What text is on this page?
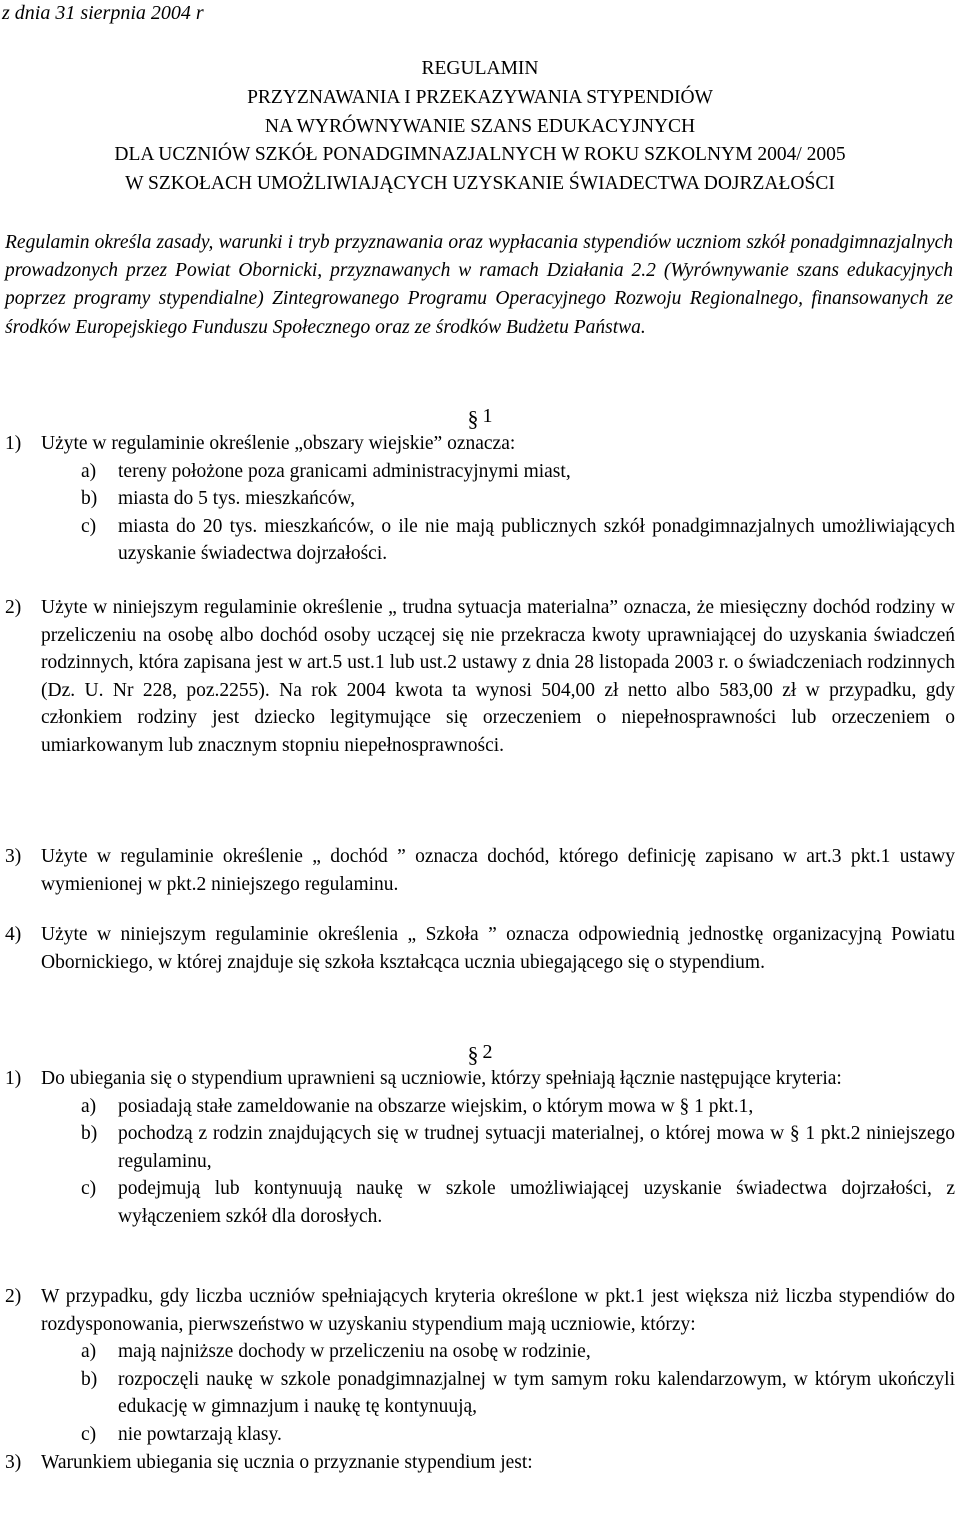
z dnia 31 sierpnia 2004 r
REGULAMIN
PRZYZNAWANIA I PRZEKAZYWANIA STYPENDIÓW
NA WYRÓWNYWANIE SZANS EDUKACYJNYCH
DLA UCZNIÓW SZKÓŁ PONADGIMNAZJALNYCH W ROKU SZKOLNYM 2004/ 2005
W SZKOŁACH UMOŻLIWIAJĄCYCH UZYSKANIE ŚWIADECTWA DOJRZAŁOŚCI
Regulamin określa zasady, warunki i tryb przyznawania oraz wypłacania stypendiów uczniom szkół ponadgimnazjalnych prowadzonych przez Powiat Obornicki, przyznawanych w ramach Działania 2.2 (Wyrównywanie szans edukacyjnych poprzez programy stypendialne) Zintegrowanego Programu Operacyjnego Rozwoju Regionalnego, finansowanych ze środków Europejskiego Funduszu Społecznego oraz ze środków Budżetu Państwa.
§ 1
1) Użyte w regulaminie określenie „obszary wiejskie” oznacza:
a) tereny położone poza granicami administracyjnymi miast,
b) miasta do 5 tys. mieszkańców,
c) miasta do 20 tys. mieszkańców, o ile nie mają publicznych szkół ponadgimnazjalnych umożliwiających uzyskanie świadectwa dojrzałości.
2) Użyte w niniejszym regulaminie określenie „ trudna sytuacja materialna” oznacza, że miesięczny dochód rodziny w przeliczeniu na osobę albo dochód osoby uczącej się nie przekracza kwoty uprawniającej do uzyskania świadczeń rodzinnych, która zapisana jest w art.5 ust.1 lub ust.2 ustawy z dnia 28 listopada 2003 r. o świadczeniach rodzinnych (Dz. U. Nr 228, poz.2255). Na rok 2004 kwota ta wynosi 504,00 zł netto albo 583,00 zł w przypadku, gdy członkiem rodziny jest dziecko legitymujące się orzeczeniem o niepełnosprawności lub orzeczeniem o umiarkowanym lub znacznym stopniu niepełnosprawności.
3) Użyte w regulaminie określenie „ dochód ” oznacza dochód, którego definicję zapisano w art.3 pkt.1 ustawy wymienionej w pkt.2 niniejszego regulaminu.
4) Użyte w niniejszym regulaminie określenia „ Szkoła ” oznacza odpowiednią jednostkę organizacyjną Powiatu Obornickiego, w której znajduje się szkoła kształcąca ucznia ubiegającego się o stypendium.
§ 2
1) Do ubiegania się o stypendium uprawnieni są uczniowie, którzy spełniają łącznie następujące kryteria:
a) posiadają stałe zameldowanie na obszarze wiejskim, o którym mowa w § 1 pkt.1,
b) pochodzą z rodzin znajdujących się w trudnej sytuacji materialnej, o której mowa w § 1 pkt.2 niniejszego regulaminu,
c) podejmują lub kontynuują naukę w szkole umożliwiającej uzyskanie świadectwa dojrzałości, z wyłączeniem szkół dla dorosłych.
2) W przypadku, gdy liczba uczniów spełniających kryteria określone w pkt.1 jest większa niż liczba stypendiów do rozdysponowania, pierwszeństwo w uzyskaniu stypendium mają uczniowie, którzy:
a) mają najniższe dochody w przeliczeniu na osobę w rodzinie,
b) rozpoczęli naukę w szkole ponadgimnazjalnej w tym samym roku kalendarzowym, w którym ukończyli edukację w gimnazjum i naukę tę kontynuują,
c) nie powtarzają klasy.
3) Warunkiem ubiegania się ucznia o przyznanie stypendium jest:
